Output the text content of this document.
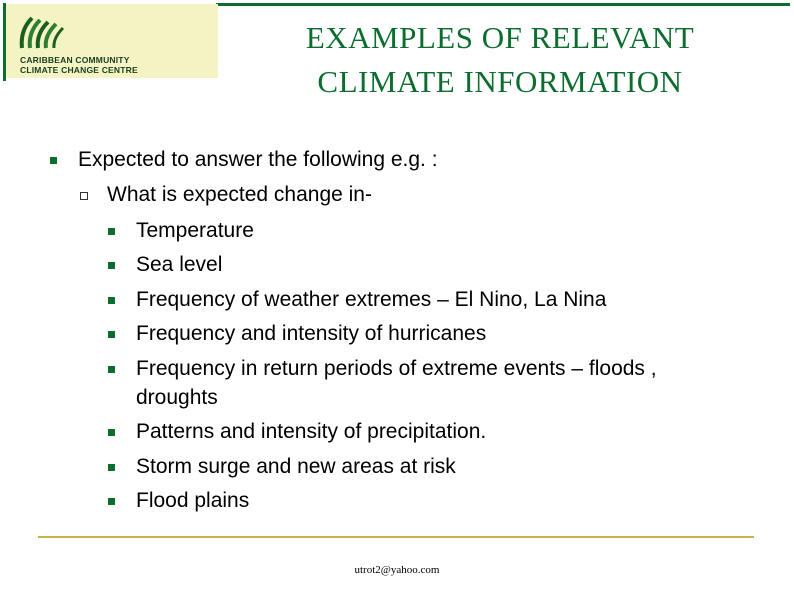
CARIBBEAN COMMUNITY
CLIMATE CHANGE CENTRE
EXAMPLES OF RELEVANT
CLIMATE INFORMATION
Expected to answer the following e.g. :
What is expected change in-
Temperature
Sea level
Frequency of weather extremes – El Nino, La Nina
Frequency and intensity of hurricanes
Frequency in return periods of extreme events – floods ,
droughts
Patterns and intensity of precipitation.
Storm surge and new areas at risk
Flood plains
utrot2@yahoo.com
